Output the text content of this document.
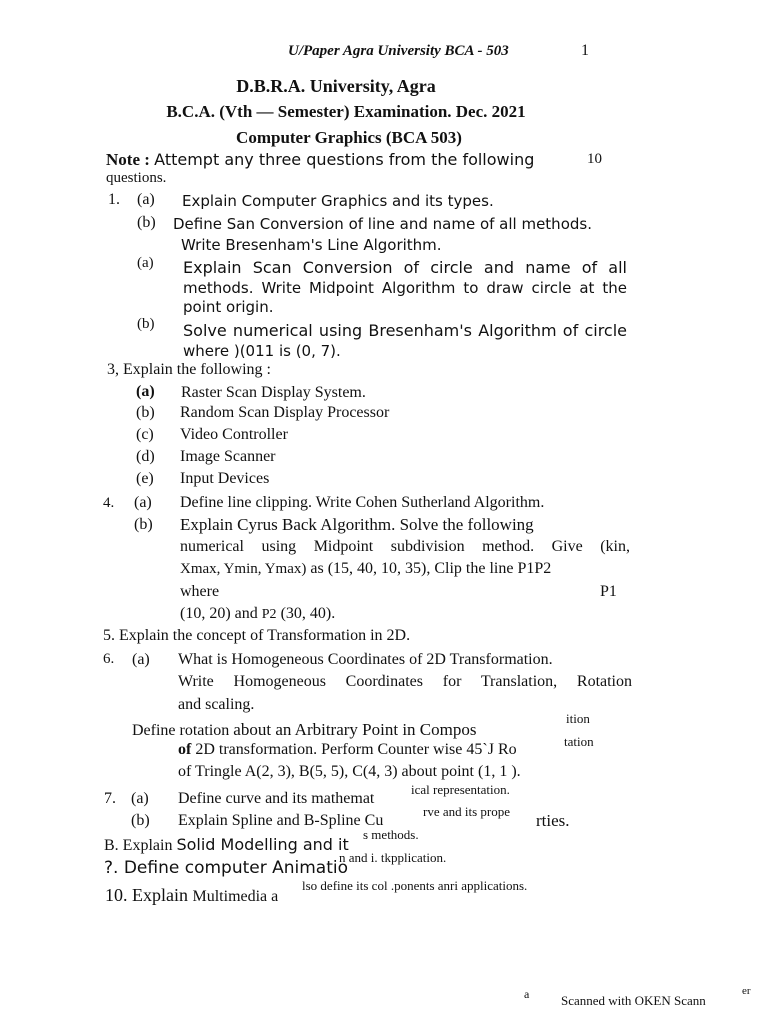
U/Paper Agra University BCA - 503	1
D.B.R.A. University, Agra
B.C.A. (Vth — Semester) Examination. Dec. 2021
Computer Graphics (BCA 503)
Note : Attempt any three questions from the following	10
questions.
1. (a) Explain Computer Graphics and its types.
(b) Define San Conversion of line and name of all methods.
Write Bresenham's Line Algorithm.
(a) Explain Scan Conversion of circle and name of all
methods. Write Midpoint Algorithm to draw circle at the
point origin.
(b) Solve numerical using Bresenham's Algorithm of circle
where )(011 is (0, 7).
3, Explain the following :
(a) Raster Scan Display System.
(b) Random Scan Display Processor
(c) Video Controller
(d) Image Scanner
(e) Input Devices
4. (a) Define line clipping. Write Cohen Sutherland Algorithm.
(b) Explain Cyrus Back Algorithm. Solve the following
numerical using Midpoint subdivision method. Give (kin,
Xmax, Ymin, Ymax) as (15, 40, 10, 35), Clip the line P1P2
where	P1
(10, 20) and P2 (30, 40).
5. Explain the concept of Transformation in 2D.
6. (a) What is Homogeneous Coordinates of 2D Transformation.
Write Homogeneous Coordinates for Translation, Rotation
and scaling.
Define rotation about an Arbitrary Point in Compos
ition
of 2D transformation. Perform Counter wise 45`J Ro	tation
of Tringle A(2, 3), B(5, 5), C(4, 3) about point (1, 1 ).
7. (a) Define curve and its mathemat
ical representation.
(b) Explain Spline and B-Spline Cu
rve and its prope rties.
B. Explain Solid Modelling and it
s methods.
?. Define computer Animatio
n and i. tkpplication.
10. Explain Multimedia a
lso define its col .ponents anri applications.
a Scanned with OKEN Scann
er
